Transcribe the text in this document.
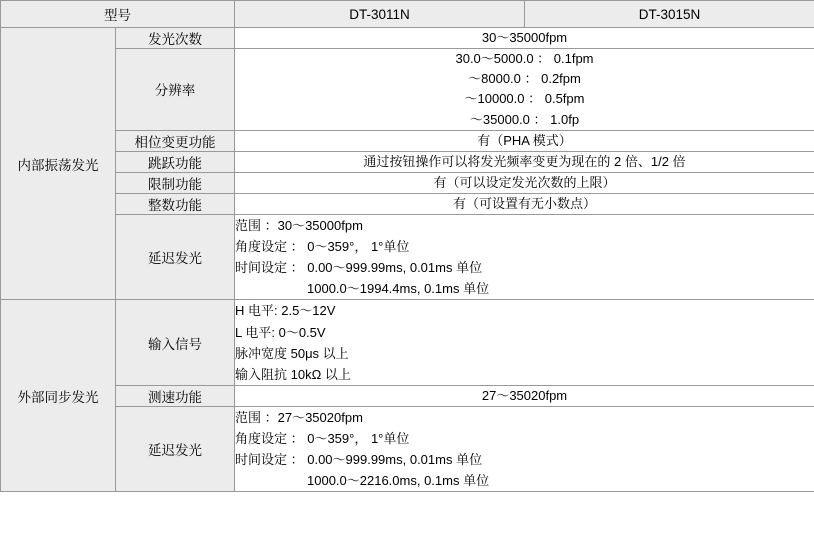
型号		DT-3011N	DT-3015N
内部振荡发光	发光次数	30～35000fpm	
	分辨率	30.0～5000.0 ： 0.1fpm
～8000.0 ： 0.2fpm
～10000.0 ： 0.5fpm
～35000.0 ： 1.0fp	

	相位变更功能	有（PHA 模式）	
	跳跃功能	通过按钮操作可以将发光频率变更为现在的 2 倍、1/2 倍	
	限制功能	有（可以设定发光次数的上限）	
	整数功能	有（可设置有无小数点）	
	延迟发光	范围 ：30～35000fpm
角度设定 ： 0～359°， 1°单位
时间设定 ： 0.00～999.99ms, 0.01ms 单位
1000.0～1994.4ms, 0.1ms 单位	

外部同步发光	输入信号	H 电平: 2.5～12V
L 电平: 0～0.5V
脉冲宽度 50μs 以上
输入阻抗 10kΩ 以上	

	测速功能	27～35020fpm	
	延迟发光	范围 ：27～35020fpm
角度设定 ： 0～359°， 1°单位
时间设定 ： 0.00～999.99ms, 0.01ms 单位
1000.0～2216.0ms, 0.1ms 单位	
